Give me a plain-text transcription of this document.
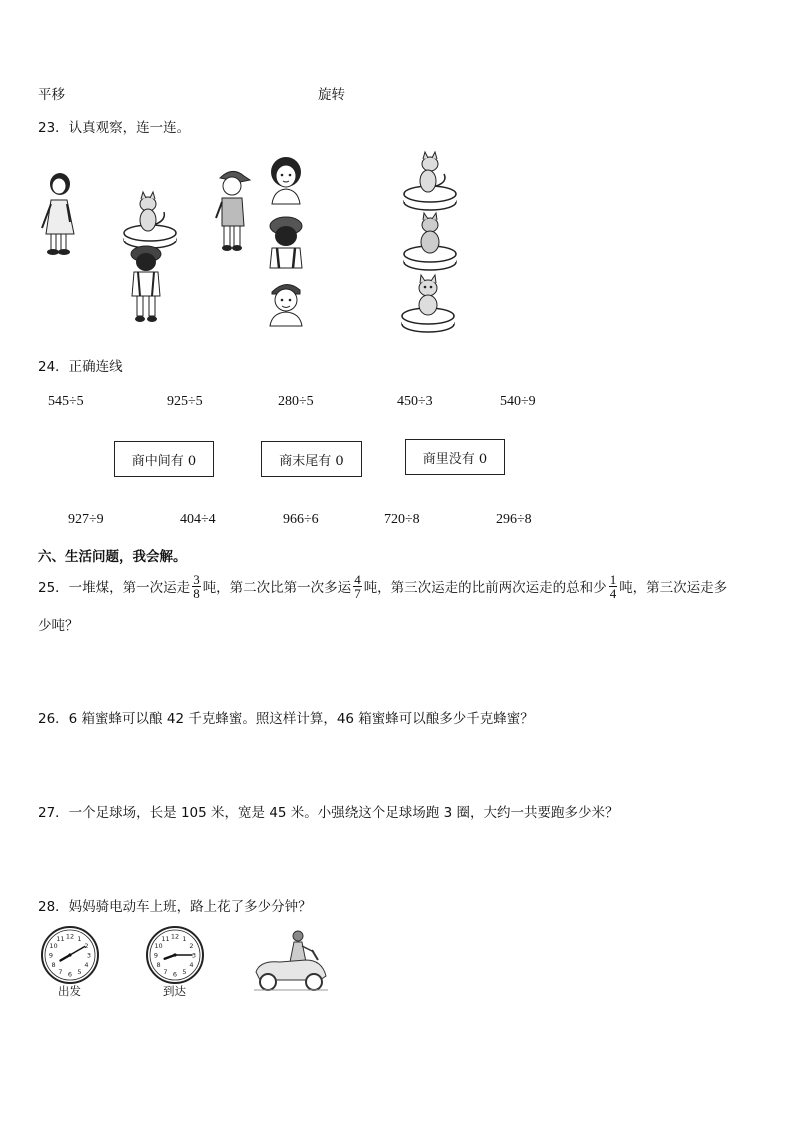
平移	旋转
23．认真观察，连一连。
24．正确连线
545÷5	925÷5	280÷5	450÷3	540÷9
商中间有 0	商末尾有 0	商里没有 0
927÷9	404÷4	966÷6	720÷8	296÷8
六、生活问题，我会解。
25．一堆煤，第一次运走 $\frac{3}{8}$ 吨，第二次比第一次多运 $\frac{4}{7}$ 吨，第三次运走的比前两次运走的总和少 $\frac{1}{4}$ 吨，第三次运走多
少吨？
26．6 箱蜜蜂可以酿 42 千克蜂蜜。照这样计算，46 箱蜜蜂可以酿多少千克蜂蜜？
27．一个足球场，长是 105 米，宽是 45 米。小强绕这个足球场跑 3 圈，大约一共要跑多少米？
28．妈妈骑电动车上班，路上花了多少分钟？
1
2
3
4
5
6
7
8
9
10
11 12	1
2
3
4
5
6
7
8
9
10
11 12
出发	到达
